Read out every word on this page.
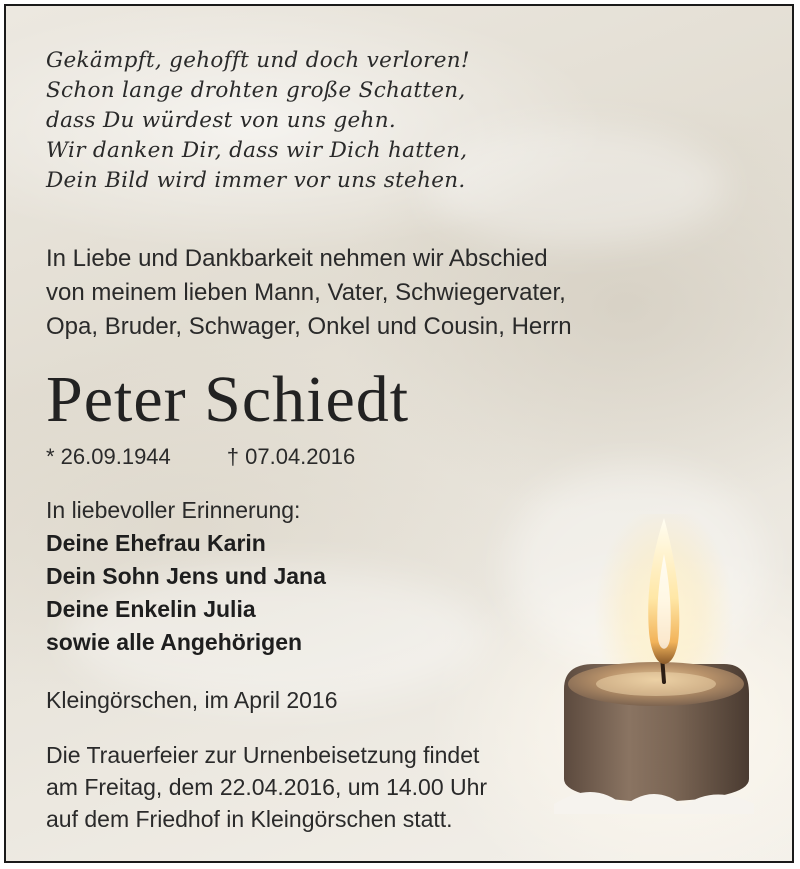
Gekämpft, gehofft und doch verloren!
Schon lange drohten große Schatten,
dass Du würdest von uns gehn.
Wir danken Dir, dass wir Dich hatten,
Dein Bild wird immer vor uns stehen.
In Liebe und Dankbarkeit nehmen wir Abschied
von meinem lieben Mann, Vater, Schwiegervater,
Opa, Bruder, Schwager, Onkel und Cousin, Herrn
Peter Schiedt
* 26.09.1944	† 07.04.2016
In liebevoller Erinnerung:
Deine Ehefrau Karin
Dein Sohn Jens und Jana
Deine Enkelin Julia
sowie alle Angehörigen
Kleingörschen, im April 2016
Die Trauerfeier zur Urnenbeisetzung findet
am Freitag, dem 22.04.2016, um 14.00 Uhr
auf dem Friedhof in Kleingörschen statt.
